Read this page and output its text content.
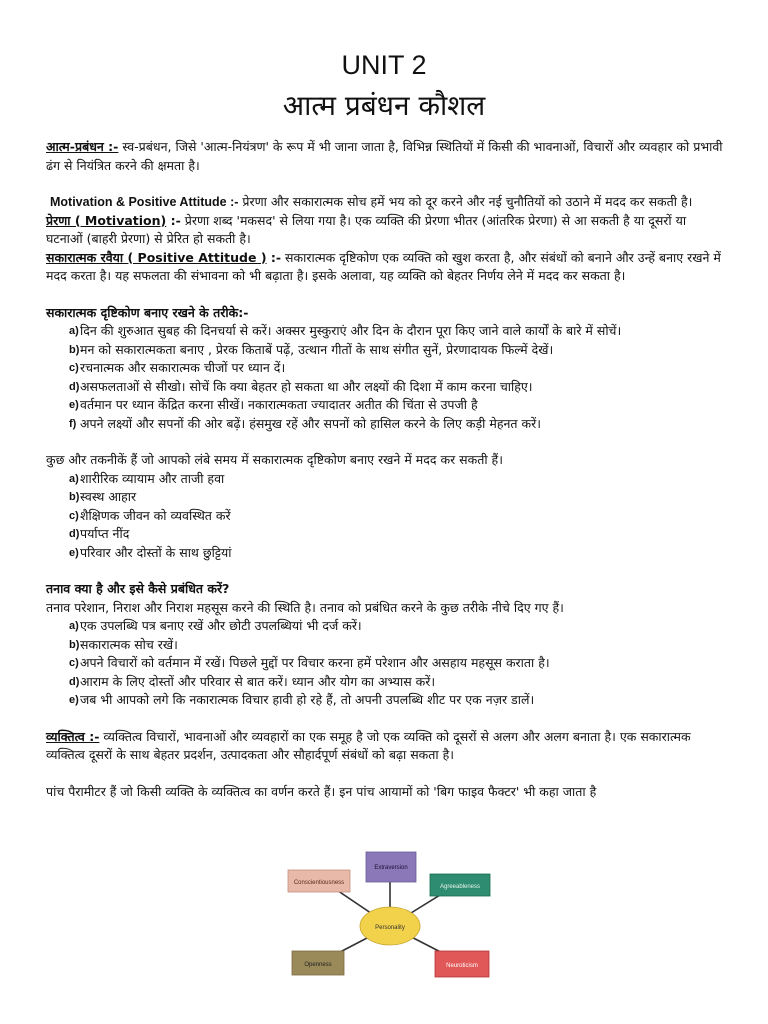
UNIT 2
आत्म प्रबंधन कौशल

आत्म-प्रबंधन :- स्व-प्रबंधन, जिसे 'आत्म-नियंत्रण' के रूप में भी जाना जाता है, विभिन्न स्थितियों में किसी की भावनाओं, विचारों और व्यवहार को प्रभावी ढंग से नियंत्रित करने की क्षमता है।

Motivation & Positive Attitude :- प्रेरणा और सकारात्मक सोच हमें भय को दूर करने और नई चुनौतियों को उठाने में मदद कर सकती है।

प्रेरणा ( Motivation) :- प्रेरणा शब्द 'मकसद' से लिया गया है। एक व्यक्ति की प्रेरणा भीतर (आंतरिक प्रेरणा) से आ सकती है या दूसरों या घटनाओं (बाहरी प्रेरणा) से प्रेरित हो सकती है।

सकारात्मक रवैया ( Positive Attitude ) :- सकारात्मक दृष्टिकोण एक व्यक्ति को खुश करता है, और संबंधों को बनाने और उन्हें बनाए रखने में मदद करता है। यह सफलता की संभावना को भी बढ़ाता है। इसके अलावा, यह व्यक्ति को बेहतर निर्णय लेने में मदद कर सकता है।

सकारात्मक दृष्टिकोण बनाए रखने के तरीके:-

a) दिन की शुरुआत सुबह की दिनचर्या से करें। अक्सर मुस्कुराएं और दिन के दौरान पूरा किए जाने वाले कार्यों के बारे में सोचें।
b) मन को सकारात्मकता बनाए , प्रेरक किताबें पढ़ें, उत्थान गीतों के साथ संगीत सुनें, प्रेरणादायक फिल्में देखें।
c) रचनात्मक और सकारात्मक चीजों पर ध्यान दें।
d) असफलताओं से सीखो। सोचें कि क्या बेहतर हो सकता था और लक्ष्यों की दिशा में काम करना चाहिए।
e) वर्तमान पर ध्यान केंद्रित करना सीखें। नकारात्मकता ज्यादातर अतीत की चिंता से उपजी है
f) अपने लक्ष्यों और सपनों की ओर बढ़ें। हंसमुख रहें और सपनों को हासिल करने के लिए कड़ी मेहनत करें।

कुछ और तकनीकें हैं जो आपको लंबे समय में सकारात्मक दृष्टिकोण बनाए रखने में मदद कर सकती हैं।

a) शारीरिक व्यायाम और ताजी हवा
b) स्वस्थ आहार
c) शैक्षिणक जीवन को व्यवस्थित करें
d) पर्याप्त नींद
e) परिवार और दोस्तों के साथ छुट्टियां

तनाव क्या है और इसे कैसे प्रबंधित करें?

तनाव परेशान, निराश और निराश महसूस करने की स्थिति है। तनाव को प्रबंधित करने के कुछ तरीके नीचे दिए गए हैं।

a) एक उपलब्धि पत्र बनाए रखें और छोटी उपलब्धियां भी दर्ज करें।
b) सकारात्मक सोच रखें।
c) अपने विचारों को वर्तमान में रखें। पिछले मुद्दों पर विचार करना हमें परेशान और असहाय महसूस कराता है।
d) आराम के लिए दोस्तों और परिवार से बात करें। ध्यान और योग का अभ्यास करें।
e) जब भी आपको लगे कि नकारात्मक विचार हावी हो रहे हैं, तो अपनी उपलब्धि शीट पर एक नज़र डालें।

व्यक्तित्व :- व्यक्तित्व विचारों, भावनाओं और व्यवहारों का एक समूह है जो एक व्यक्ति को दूसरों से अलग और अलग बनाता है। एक सकारात्मक व्यक्तित्व दूसरों के साथ बेहतर प्रदर्शन, उत्पादकता और सौहार्दपूर्ण संबंधों को बढ़ा सकता है।

पांच पैरामीटर हैं जो किसी व्यक्ति के व्यक्तित्व का वर्णन करते हैं। इन पांच आयामों को 'बिग फाइव फैक्टर' भी कहा जाता है

Conscientiousness
Extraversion
Agreeableness
Openness	Neuroticism
Personality
